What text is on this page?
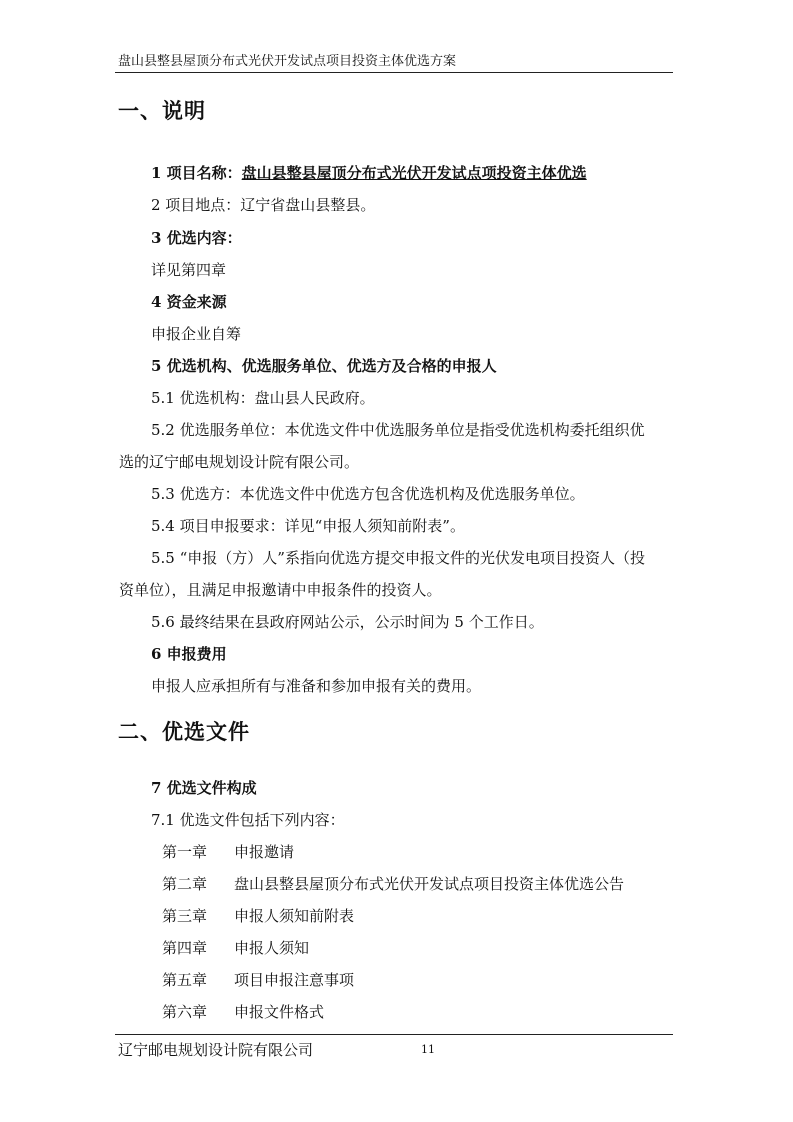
盘山县整县屋顶分布式光伏开发试点项目投资主体优选方案
一、说明
1 项目名称：盘山县整县屋顶分布式光伏开发试点项投资主体优选
2 项目地点：辽宁省盘山县整县。
3 优选内容：
详见第四章
4 资金来源
申报企业自筹
5 优选机构、优选服务单位、优选方及合格的申报人
5.1 优选机构：盘山县人民政府。
5.2 优选服务单位：本优选文件中优选服务单位是指受优选机构委托组织优
选的辽宁邮电规划设计院有限公司。
5.3 优选方：本优选文件中优选方包含优选机构及优选服务单位。
5.4 项目申报要求：详见“申报人须知前附表”。
5.5 “申报（方）人”系指向优选方提交申报文件的光伏发电项目投资人（投
资单位），且满足申报邀请中申报条件的投资人。
5.6 最终结果在县政府网站公示，公示时间为 5 个工作日。
6 申报费用
申报人应承担所有与准备和参加申报有关的费用。
二、优选文件
7 优选文件构成
7.1 优选文件包括下列内容：
第一章 申报邀请
第二章 盘山县整县屋顶分布式光伏开发试点项目投资主体优选公告
第三章 申报人须知前附表
第四章 申报人须知
第五章 项目申报注意事项
第六章 申报文件格式
辽宁邮电规划设计院有限公司	11
